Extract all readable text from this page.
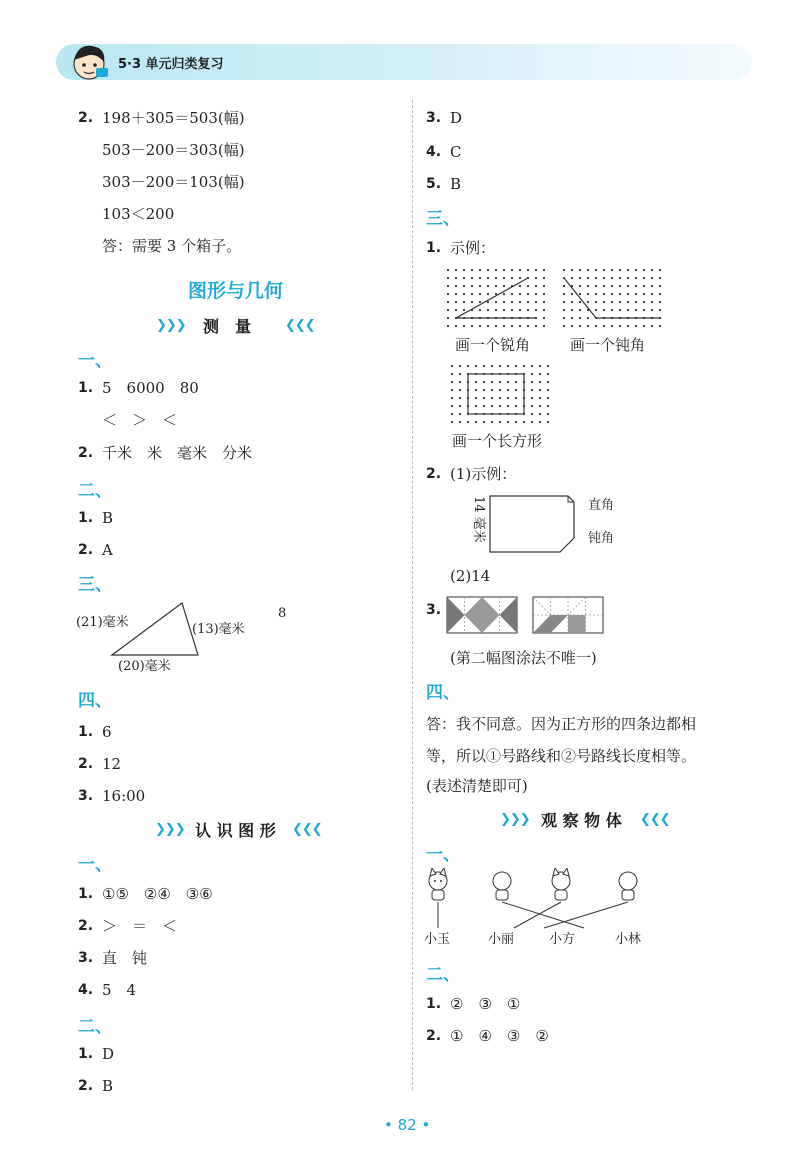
5·3 单元归类复习
2. 198＋305＝503(幅)
503－200＝303(幅)
303－200＝103(幅)
103＜200
答：需要 3 个箱子。
图形与几何
❯❯❯ 测　量	❮❮❮
一、
1. 5　6000　80
＜　＞　＜
2. 千米　米　毫米　分米
二、
1. B
2. A
三、
(21)毫米	(13)毫米
(20)毫米
8
四、
1. 6
2. 12
3. 16:00
❯❯❯ 认 识 图 形 ❮❮❮
一、
1. ①⑤　②④　③⑥
2. ＞　＝　＜
3. 直　钝
4. 5　4
二、
1. D
2. B
3. D
4. C
5. B
三、
1. 示例：
画一个锐角	画一个钝角
画一个长方形
2. (1)示例：
直角
钝角
14 毫米
(2)14
3.
(第二幅图涂法不唯一)
四、
答：我不同意。因为正方形的四条边都相
等，所以①号路线和②号路线长度相等。
(表述清楚即可)
❯❯❯ 观 察 物 体 ❮❮❮
一、
小玉	小丽	小方	小林
二、
1. ②　③　①
2. ①　④　③　②
• 82 •
